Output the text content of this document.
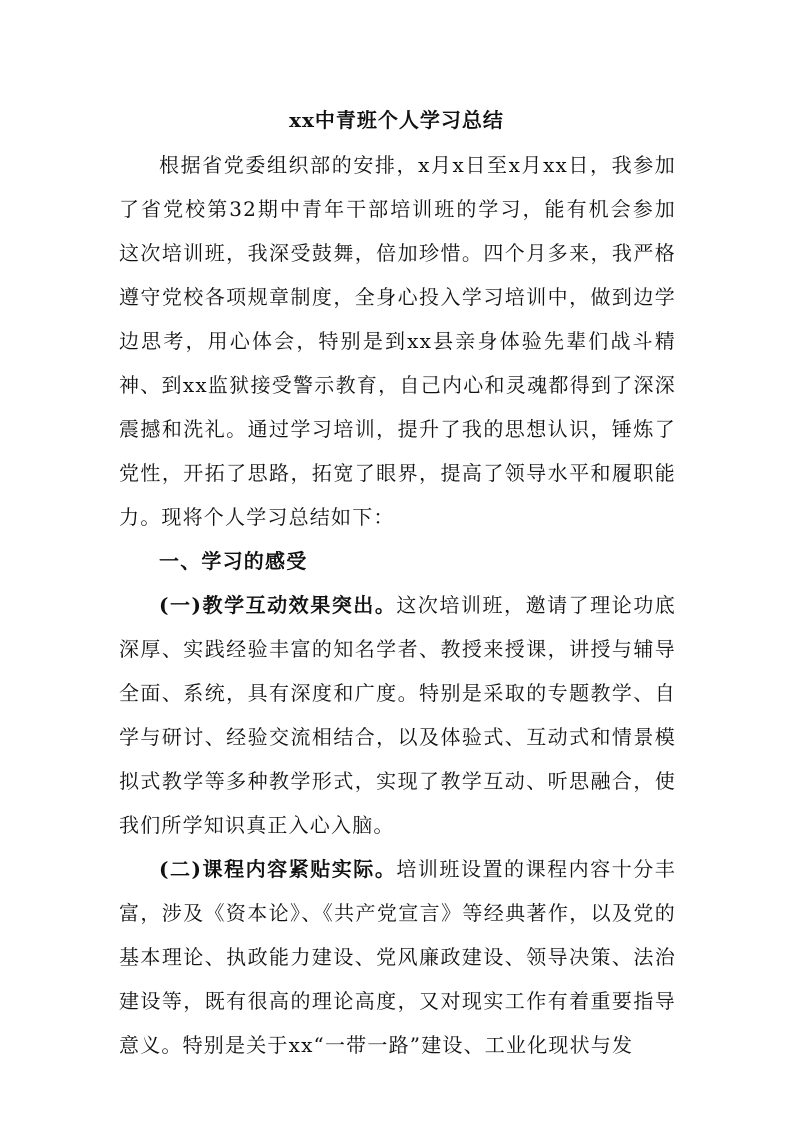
xx中青班个人学习总结

根据省党委组织部的安排，x月x日至x月xx日，我参加了省党校第32期中青年干部培训班的学习，能有机会参加这次培训班，我深受鼓舞，倍加珍惜。四个月多来，我严格遵守党校各项规章制度，全身心投入学习培训中，做到边学边思考，用心体会，特别是到xx县亲身体验先辈们战斗精神、到xx监狱接受警示教育，自己内心和灵魂都得到了深深震撼和洗礼。通过学习培训，提升了我的思想认识，锤炼了党性，开拓了思路，拓宽了眼界，提高了领导水平和履职能力。现将个人学习总结如下：

一、学习的感受

(一)教学互动效果突出。这次培训班，邀请了理论功底深厚、实践经验丰富的知名学者、教授来授课，讲授与辅导全面、系统，具有深度和广度。特别是采取的专题教学、自学与研讨、经验交流相结合，以及体验式、互动式和情景模拟式教学等多种教学形式，实现了教学互动、听思融合，使我们所学知识真正入心入脑。

(二)课程内容紧贴实际。培训班设置的课程内容十分丰富，涉及《资本论》、《共产党宣言》等经典著作，以及党的基本理论、执政能力建设、党风廉政建设、领导决策、法治建设等，既有很高的理论高度，又对现实工作有着重要指导意义。特别是关于xx“一带一路”建设、工业化现状与发
